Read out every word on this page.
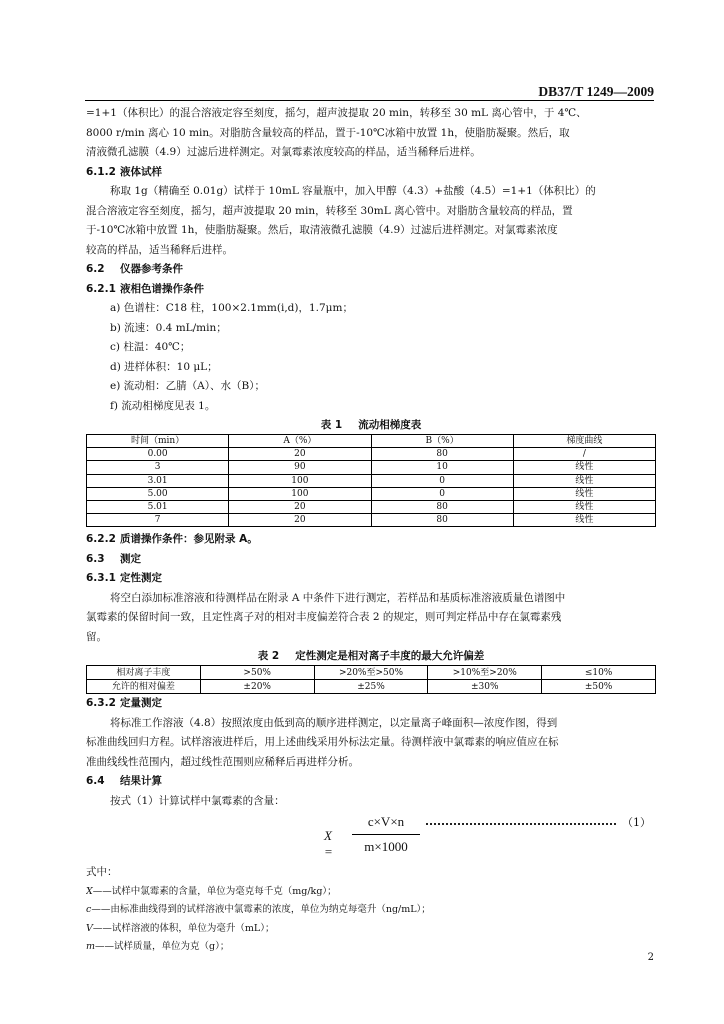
DB37/T 1249—2009
=1+1（体积比）的混合溶液定容至刻度，摇匀，超声波提取 20 min，转移至 30 mL 离心管中，于 4℃、
8000 r/min 离心 10 min。对脂肪含量较高的样品，置于-10℃冰箱中放置 1h，使脂肪凝聚。然后，取
清液微孔滤膜（4.9）过滤后进样测定。对氯霉素浓度较高的样品，适当稀释后进样。
6.1.2 液体试样
称取 1g（精确至 0.01g）试样于 10mL 容量瓶中，加入甲醇（4.3）+盐酸（4.5）=1+1（体积比）的
混合溶液定容至刻度，摇匀，超声波提取 20 min，转移至 30mL 离心管中。对脂肪含量较高的样品，置
于-10℃冰箱中放置 1h，使脂肪凝聚。然后，取清液微孔滤膜（4.9）过滤后进样测定。对氯霉素浓度
较高的样品，适当稀释后进样。
6.2 仪器参考条件
6.2.1 液相色谱操作条件
a) 色谱柱：C18 柱，100×2.1mm(i,d)，1.7μm；
b) 流速：0.4 mL/min；
c) 柱温：40℃；
d) 进样体积：10 μL；
e) 流动相：乙腈（A）、水（B）；
f) 流动相梯度见表 1。
表 1 流动相梯度表
时间（min）	A（%）	B（%）	梯度曲线
0.00	20	80	/
3	90	10	线性
3.01	100	0	线性
5.00	100	0	线性
5.01	20	80	线性
7	20	80	线性
6.2.2 质谱操作条件：参见附录 A。
6.3 测定
6.3.1 定性测定
将空白添加标准溶液和待测样品在附录 A 中条件下进行测定，若样品和基质标准溶液质量色谱图中
氯霉素的保留时间一致，且定性离子对的相对丰度偏差符合表 2 的规定，则可判定样品中存在氯霉素残
留。
表 2 定性测定是相对离子丰度的最大允许偏差
相对离子丰度	>50%	>20%至>50%	>10%至>20%	≤10%
允许的相对偏差	±20%	±25%	±30%	±50%
6.3.2 定量测定
将标准工作溶液（4.8）按照浓度由低到高的顺序进样测定，以定量离子峰面积—浓度作图，得到
标准曲线回归方程。试样溶液进样后，用上述曲线采用外标法定量。待测样液中氯霉素的响应值应在标
准曲线线性范围内，超过线性范围则应稀释后再进样分析。
6.4 结果计算
按式（1）计算试样中氯霉素的含量：
X =
c×V×n
m×1000
（1）
式中：
X——试样中氯霉素的含量，单位为毫克每千克（mg/kg）；
c——由标准曲线得到的试样溶液中氯霉素的浓度，单位为纳克每毫升（ng/mL）；
V——试样溶液的体积，单位为毫升（mL）；
m——试样质量，单位为克（g）；
2
